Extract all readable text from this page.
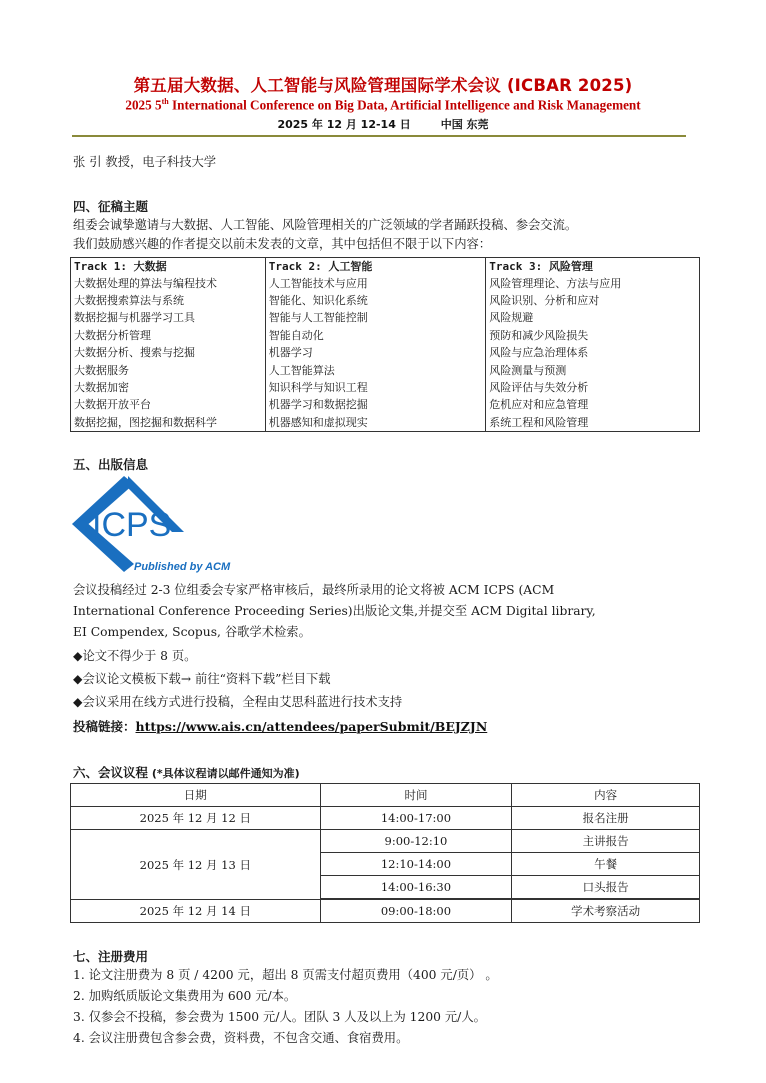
第五届大数据、人工智能与风险管理国际学术会议 (ICBAR 2025)
2025 5th International Conference on Big Data, Artificial Intelligence and Risk Management
2025 年 12 月 12-14 日	中国 东莞
张 引 教授，电子科技大学
四、征稿主题
组委会诚挚邀请与大数据、人工智能、风险管理相关的广泛领域的学者踊跃投稿、参会交流。
我们鼓励感兴趣的作者提交以前未发表的文章，其中包括但不限于以下内容：
Track 1: 大数据	Track 2: 人工智能	Track 3: 风险管理
大数据处理的算法与编程技术	人工智能技术与应用	风险管理理论、方法与应用
大数据搜索算法与系统	智能化、知识化系统	风险识别、分析和应对
数据挖掘与机器学习工具	智能与人工智能控制	风险规避
大数据分析管理	智能自动化	预防和减少风险损失
大数据分析、搜索与挖掘	机器学习	风险与应急治理体系
大数据服务	人工智能算法	风险测量与预测
大数据加密	知识科学与知识工程	风险评估与失效分析
大数据开放平台	机器学习和数据挖掘	危机应对和应急管理
数据挖掘，图挖掘和数据科学	机器感知和虚拟现实	系统工程和风险管理
五、出版信息
ICPS
Published by ACM
会议投稿经过 2-3 位组委会专家严格审核后，最终所录用的论文将被 ACM ICPS (ACM
International Conference Proceeding Series)出版论文集,并提交至 ACM Digital library,
EI Compendex, Scopus, 谷歌学术检索。
◆论文不得少于 8 页。
◆会议论文模板下载→ 前往“资料下载”栏目下载
◆会议采用在线方式进行投稿，全程由艾思科蓝进行技术支持
投稿链接：https://www.ais.cn/attendees/paperSubmit/BEJZJN
六、会议议程 (*具体议程请以邮件通知为准)
日期	时间	内容
2025 年 12 月 12 日	14:00-17:00	报名注册
2025 年 12 月 13 日	9:00-12:10	主讲报告
	12:10-14:00	午餐
	14:00-16:30	口头报告

2025 年 12 月 14 日	09:00-18:00	学术考察活动
七、注册费用
1. 论文注册费为 8 页 / 4200 元，超出 8 页需支付超页费用（400 元/页） 。
2. 加购纸质版论文集费用为 600 元/本。
3. 仅参会不投稿，参会费为 1500 元/人。团队 3 人及以上为 1200 元/人。
4. 会议注册费包含参会费，资料费，不包含交通、食宿费用。
